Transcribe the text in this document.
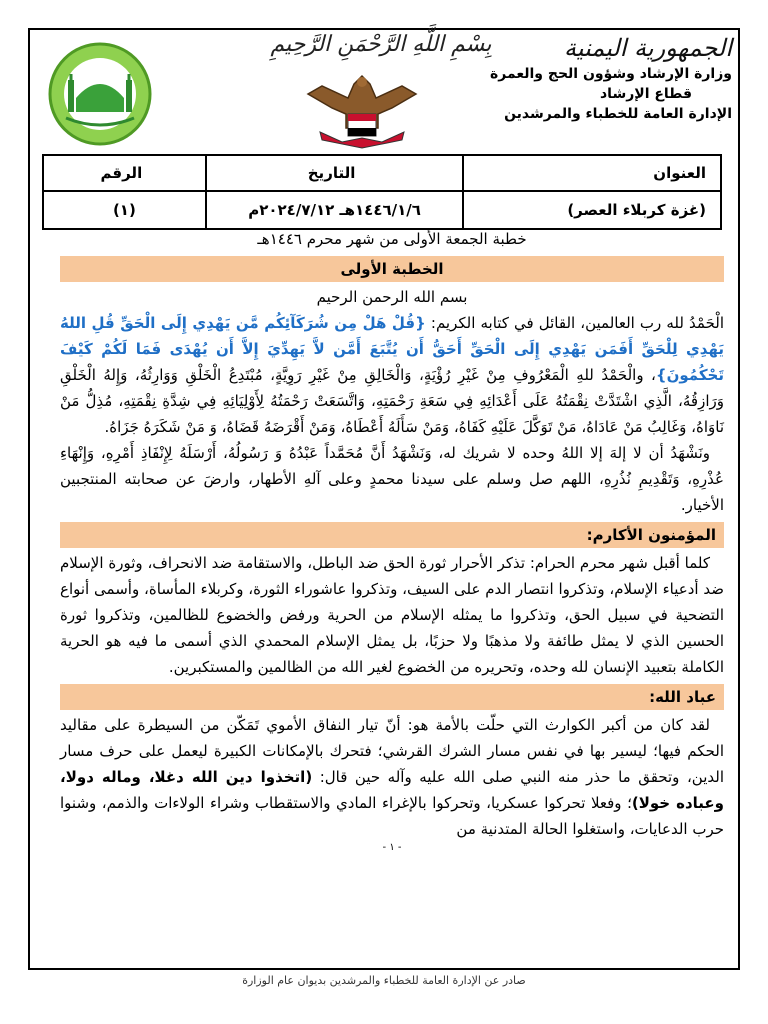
الجمهورية اليمنية
وزارة الإرشاد وشؤون الحج والعمرة
قطاع الإرشاد
الإدارة العامة للخطباء والمرشدين
بِسْمِ اللَّهِ الرَّحْمَنِ الرَّحِيمِ
العنوان	التاريخ	الرقم
(غزة كربلاء العصر)	١٤٤٦/١/٦هـ ٢٠٢٤/٧/١٢م	(١)
خطبة الجمعة الأولى من شهر محرم ١٤٤٦هـ
الخطبة الأولى
بسم الله الرحمن الرحيم

الْحَمْدُ لله رب العالمين، القائل في كتابه الكريم: {قُلْ هَلْ مِن شُرَكَآئِكُم مَّن يَهْدِي إِلَى الْحَقِّ قُلِ اللهُ يَهْدِي لِلْحَقِّ أَفَمَن يَهْدِي إِلَى الْحَقِّ أَحَقُّ أَن يُتَّبَعَ أَمَّن لاَّ يَهِدِّيَ إِلاَّ أَن يُهْدَى فَمَا لَكُمْ كَيْفَ تَحْكُمُونَ}، والْحَمْدُ للهِ الْمَعْرُوفِ مِنْ غَيْرِ رُؤْيَةٍ، وَالْخَالِقِ مِنْ غَيْرِ رَوِيَّةٍ، مُبْتَدِعُ الْخَلْقِ وَوَارِثُهُ، وَإِلهُ الْخَلْقِ وَرَازِقُهُ، الَّذِي اشْتَدَّتْ نِقْمَتُهُ عَلَى أَعْدَائِهِ فِي سَعَةِ رَحْمَتِهِ، وَاتَّسَعَتْ رَحْمَتُهُ لِأَوْلِيَائِهِ فِي شِدَّةِ نِقْمَتِهِ، مُذِلُّ مَنْ نَاوَاهُ، وَغَالِبُ مَنْ عَادَاهُ، مَنْ تَوَكَّلَ عَلَيْهِ كَفَاهُ، وَمَنْ سَأَلَهُ أَعْطَاهُ، وَمَنْ أَقْرَضَهُ قَضَاهُ، وَ مَنْ شَكَرَهُ جَزَاهُ.

ونَشْهَدُ أن لا إلهَ إلا اللهُ وحده لا شريك له، وَنَشْهَدُ أَنَّ مُحَمَّداً عَبْدُهُ وَ رَسُولُهُ، أَرْسَلَهُ لِإِنْفَاذِ أَمْرِهِ، وَإِنْهَاءِ عُذْرِهِ، وَتَقْدِيمِ نُذُرِهِ، اللهم صل وسلم على سيدنا محمدٍ وعلى آلهِ الأطهار، وارضَ عن صحابته المنتجبين الأخيار.

المؤمنون الأكارم:

كلما أقبل شهر محرم الحرام: تذكر الأحرار ثورة الحق ضد الباطل، والاستقامة ضد الانحراف، وثورة الإسلام ضد أدعياء الإسلام، وتذكروا انتصار الدم على السيف، وتذكروا عاشوراء الثورة، وكربلاء المأساة، وأسمى أنواع التضحية في سبيل الحق، وتذكروا ما يمثله الإسلام من الحرية ورفض والخضوع للظالمين، وتذكروا ثورة الحسين الذي لا يمثل طائفة ولا مذهبًا ولا حزبًا، بل يمثل الإسلام المحمدي الذي أسمى ما فيه هو الحرية الكاملة بتعبيد الإنسان لله وحده، وتحريره من الخضوع لغير الله من الظالمين والمستكبرين.

عباد الله:

لقد كان من أكبر الكوارث التي حلّت بالأمة هو: أنّ تيار النفاق الأموي تَمَكّن من السيطرة على مقاليد الحكم فيها؛ ليسير بها في نفس مسار الشرك القرشي؛ فتحرك بالإمكانات الكبيرة ليعمل على حرف مسار الدين، وتحقق ما حذر منه النبي صلى الله عليه وآله حين قال: (اتخذوا دين الله دغلا، وماله دولا، وعباده خولا)؛ وفعلا تحركوا عسكريا، وتحركوا بالإغراء المادي والاستقطاب وشراء الولاءات والذمم، وشنوا حرب الدعايات، واستغلوا الحالة المتدنية من

- ۱ -
صادر عن الإدارة العامة للخطباء والمرشدين بديوان عام الوزارة
